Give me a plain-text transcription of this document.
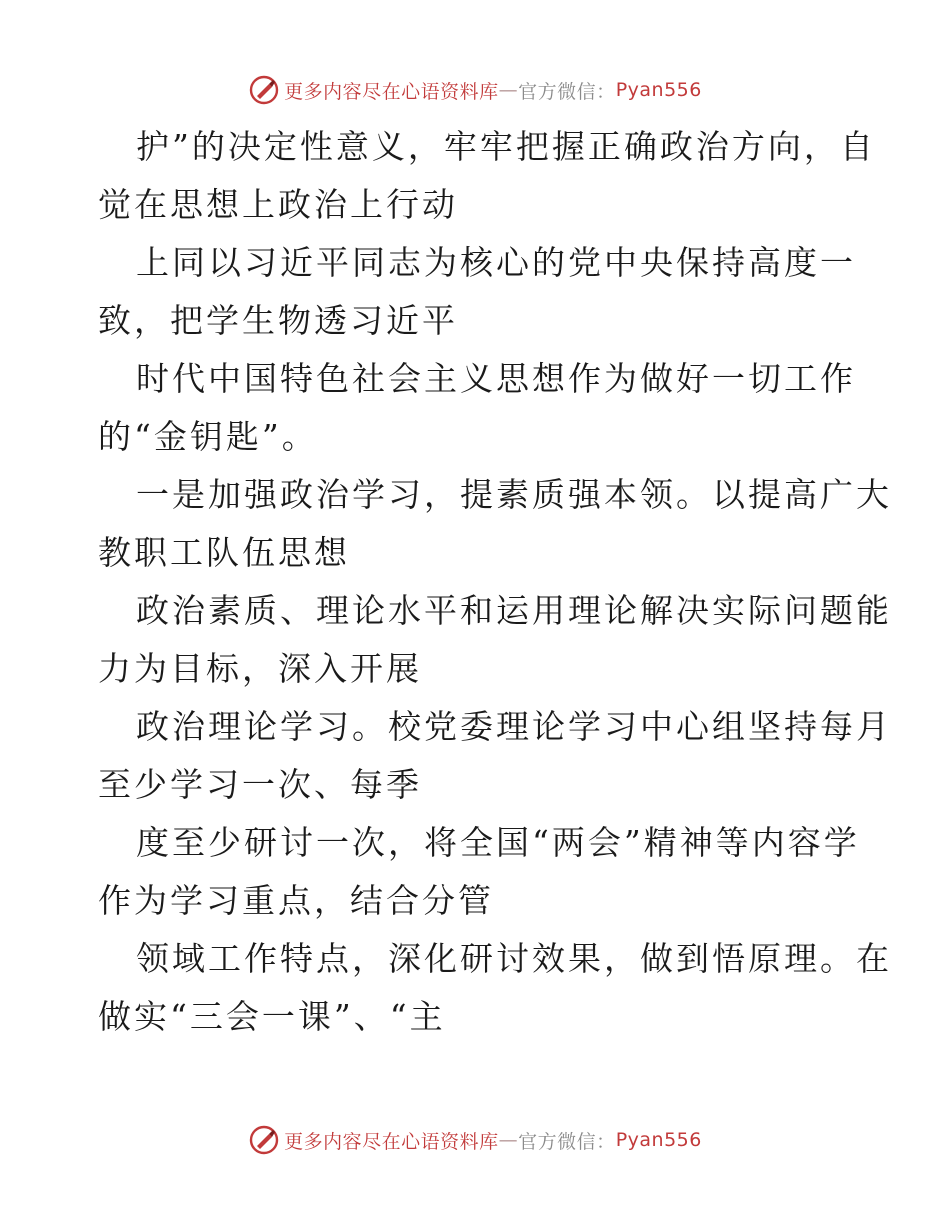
更多内容尽在心语资料库 — 官方微信： Pyan556

护”的决定性意义，牢牢把握正确政治方向，自
觉在思想上政治上行动

上同以习近平同志为核心的党中央保持高度一
致，把学生物透习近平

时代中国特色社会主义思想作为做好一切工作
的“金钥匙”。

一是加强政治学习，提素质强本领。以提高广大
教职工队伍思想

政治素质、理论水平和运用理论解决实际问题能
力为目标，深入开展

政治理论学习。校党委理论学习中心组坚持每月
至少学习一次、每季

度至少研讨一次，将全国“两会”精神等内容学
作为学习重点，结合分管

领域工作特点，深化研讨效果，做到悟原理。在
做实“三会一课”、“主

更多内容尽在心语资料库 — 官方微信： Pyan556
